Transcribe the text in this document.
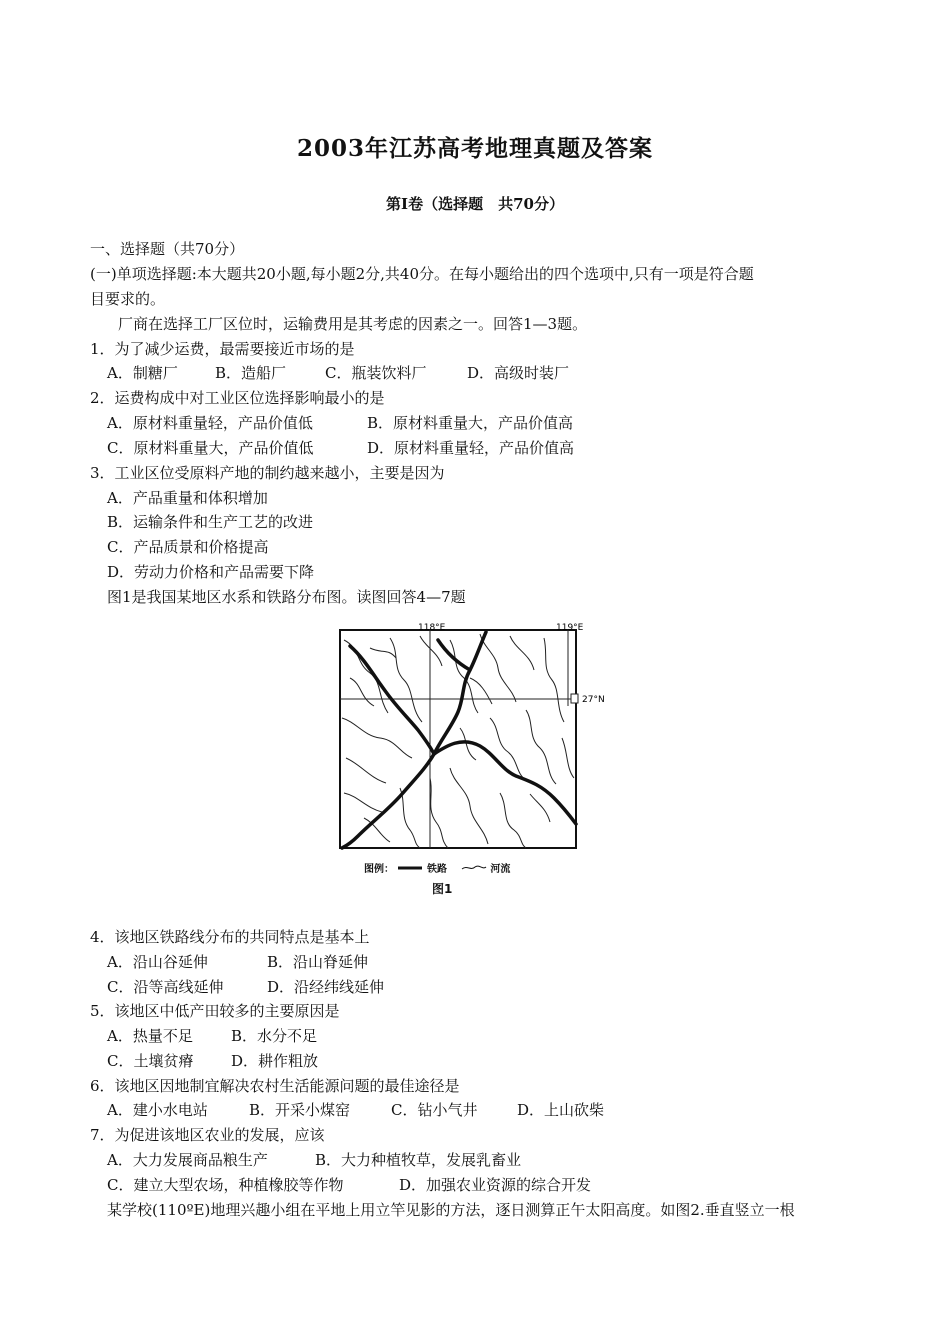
2003年江苏高考地理真题及答案
第Ⅰ卷（选择题　共70分）
一、选择题（共70分）
(一)单项选择题:本大题共20小题,每小题2分,共40分。在每小题给出的四个选项中,只有一项是符合题
目要求的。
厂商在选择工厂区位时，运输费用是其考虑的因素之一。回答1—3题。
1．为了减少运费，最需要接近市场的是
A．制糖厂 B．造船厂	C．瓶装饮料厂	D．高级时装厂
2．运费构成中对工业区位选择影响最小的是
A．原材料重量轻，产品价值低	B．原材料重量大，产品价值高
C．原材料重量大，产品价值低	D．原材料重量轻，产品价值高
3．工业区位受原料产地的制约越来越小，主要是因为
A．产品重量和体积增加
B．运输条件和生产工艺的改进
C．产品质景和价格提高
D．劳动力价格和产品需要下降
图1是我国某地区水系和铁路分布图。读图回答4—7题
118°E	119°E
27°N
图例：	铁路	河流
图1
4．该地区铁路线分布的共同特点是基本上
A．沿山谷延伸	B．沿山脊延伸
C．沿等高线延伸	D．沿经纬线延伸
5．该地区中低产田较多的主要原因是
A．热量不足	B．水分不足
C．土壤贫瘠	D．耕作粗放
6．该地区因地制宜解决农村生活能源问题的最佳途径是
A．建小水电站	B．开采小煤窑	C．钻小气井	D．上山砍柴
7．为促进该地区农业的发展，应该
A．大力发展商品粮生产	B．大力种植牧草，发展乳畜业
C．建立大型农场，种植橡胶等作物	D．加强农业资源的综合开发
某学校(110ºE)地理兴趣小组在平地上用立竿见影的方法，逐日测算正午太阳高度。如图2.垂直竖立一根
